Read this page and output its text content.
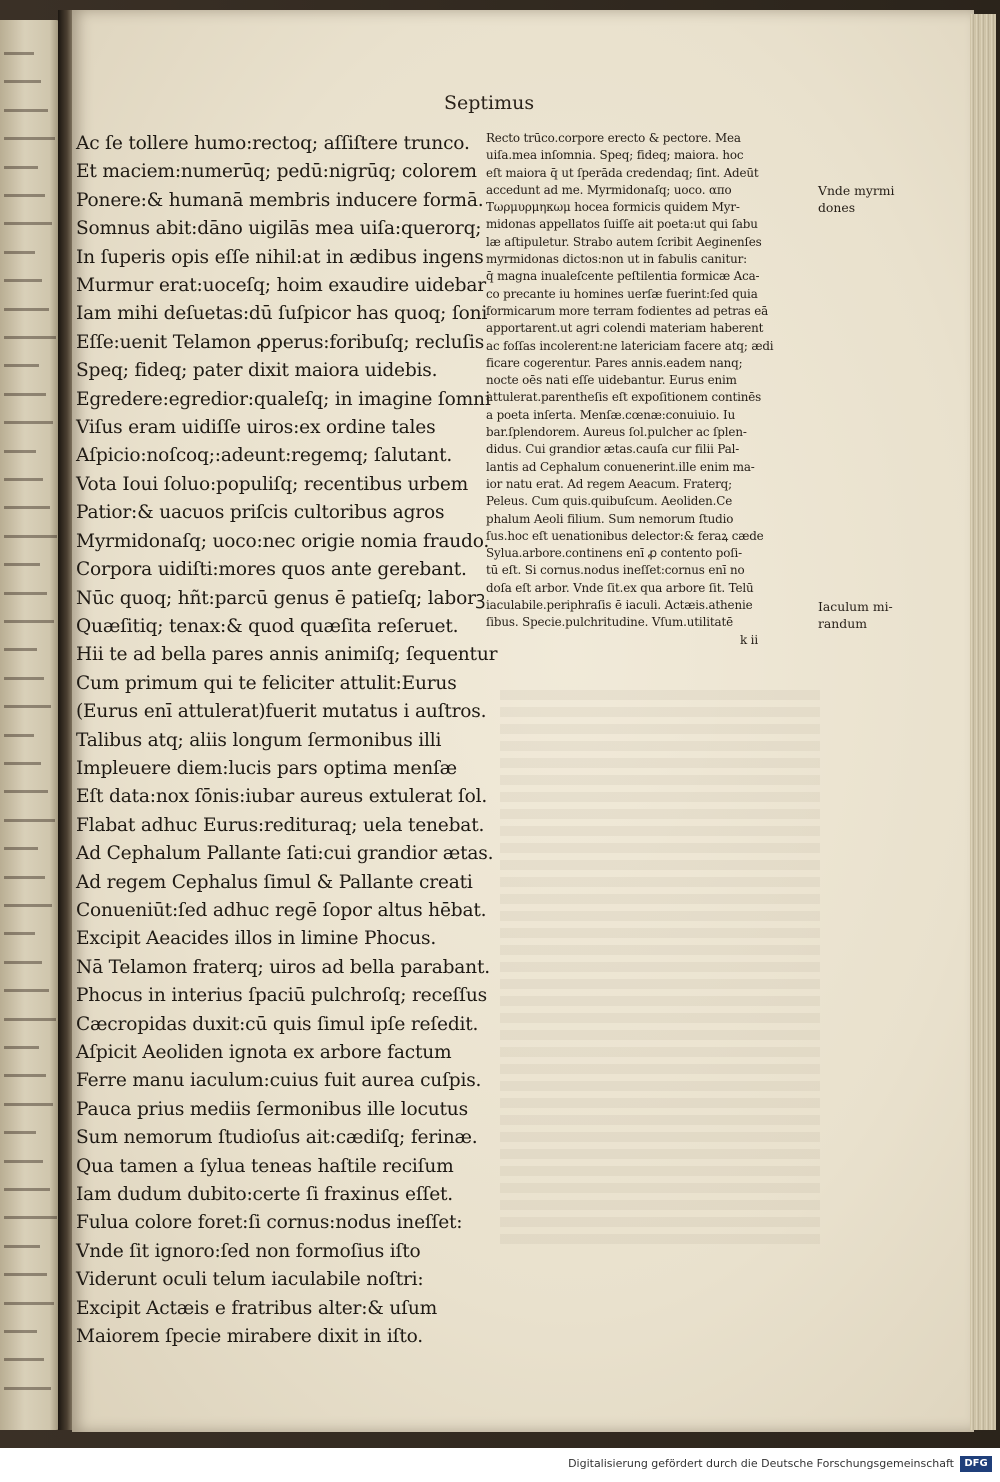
Septimus
Ac ſe tollere humo:rectoq; aſſiſtere trunco.
Et maciem:numerūq; pedū:nigrūq; colorem
Ponere:& humanā membris inducere formā.
Somnus abit:dāno uigilās mea uiſa:querorq;
In ſuperis opis eſſe nihil:at in ædibus ingens
Murmur erat:uoceſq; hoim exaudire uidebar
Iam mihi deſuetas:dū ſuſpicor has quoq; ſoni
Eſſe:uenit Telamon ꝓperus:foribuſq; recluſis
Speq; fideq; pater dixit maiora uidebis.
Egredere:egredior:qualeſq; in imagine ſomni
Viſus eram uidiſſe uiros:ex ordine tales
Aſpicio:noſcoq;:adeunt:regemq; ſalutant.
Vota Ioui ſoluo:populiſq; recentibus urbem
Patior:& uacuos priſcis cultoribus agros
Myrmidonaſq; uoco:nec origie nomia fraudo.
Corpora uidiſti:mores quos ante gerebant.
Nūc quoq; hñt:parcū genus ē patieſq; laborꝫ
Quæſitiq; tenax:& quod quæſita reſeruet.
Hii te ad bella pares annis animiſq; ſequentur
Cum primum qui te feliciter attulit:Eurus
(Eurus enī attulerat)fuerit mutatus i auſtros.
Talibus atq; aliis longum ſermonibus illi
Impleuere diem:lucis pars optima menſæ
Eſt data:nox ſōnis:iubar aureus extulerat ſol.
Flabat adhuc Eurus:redituraq; uela tenebat.
Ad Cephalum Pallante ſati:cui grandior ætas.
Ad regem Cephalus ſimul & Pallante creati
Conueniūt:ſed adhuc regē ſopor altus hēbat.
Excipit Aeacides illos in limine Phocus.
Nā Telamon fraterq; uiros ad bella parabant.
Phocus in interius ſpaciū pulchroſq; receſſus
Cæcropidas duxit:cū quis ſimul ipſe reſedit.
Aſpicit Aeoliden ignota ex arbore factum
Ferre manu iaculum:cuius fuit aurea cuſpis.
Pauca prius mediis ſermonibus ille locutus
Sum nemorum ſtudioſus ait:cædiſq; ferinæ.
Qua tamen a ſylua teneas haſtile reciſum
Iam dudum dubito:certe ſi fraxinus eſſet.
Fulua colore foret:ſi cornus:nodus ineſſet:
Vnde ſit ignoro:ſed non formoſius iſto
Viderunt oculi telum iaculabile noſtri:
Excipit Actæis e fratribus alter:& uſum
Maiorem ſpecie mirabere dixit in iſto.
Recto trūco.corpore erecto & pectore. Mea
uiſa.mea inſomnia. Speq; fideq; maiora. hoc
eſt maiora q̄ ut ſperāda credendaq; ſint. Adeūt
accedunt ad me. Myrmidonaſq; uoco. απο
Τωρμυρμηκωμ hocea formicis quidem Myr-
midonas appellatos ſuiſſe ait poeta:ut qui ſabu
læ aſtipuletur. Strabo autem ſcribit Aeginenſes
myrmidonas dictos:non ut in fabulis canitur:
q̄ magna inualeſcente peſtilentia formicæ Aca-
co precante iu homines uerſæ fuerint:ſed quia
formicarum more terram fodientes ad petras eā
apportarent.ut agri colendi materiam haberent
ac foſſas incolerent:ne latericiam facere atq; ædi
ficare cogerentur. Pares annis.eadem nanq;
nocte oēs nati eſſe uidebantur. Eurus enim
attulerat.parentheſis eſt expoſitionem continēs
a poeta inſerta. Menſæ.cœnæ:conuiuio. Iu
bar.ſplendorem. Aureus ſol.pulcher ac ſplen-
didus. Cui grandior ætas.cauſa cur filii Pal-
lantis ad Cephalum conuenerint.ille enim ma-
ior natu erat. Ad regem Aeacum. Fraterq;
Peleus. Cum quis.quibuſcum. Aeoliden.Ce
phalum Aeoli filium. Sum nemorum ſtudio
ſus.hoc eſt uenationibus delector:& feraꝝ cæde
Sylua.arbore.continens enī ꝓ contento poſi-
tū eſt. Si cornus.nodus ineſſet:cornus enī no
doſa eſt arbor. Vnde ſit.ex qua arbore ſit. Telū
iaculabile.periphraſis ē iaculi. Actæis.athenie
ſibus. Specie.pulchritudine. Vſum.utilitatē
k ii
Vnde myrmi
dones
Iaculum mi-
randum
Digitalisierung gefördert durch die Deutsche Forschungsgemeinschaft	DFG
